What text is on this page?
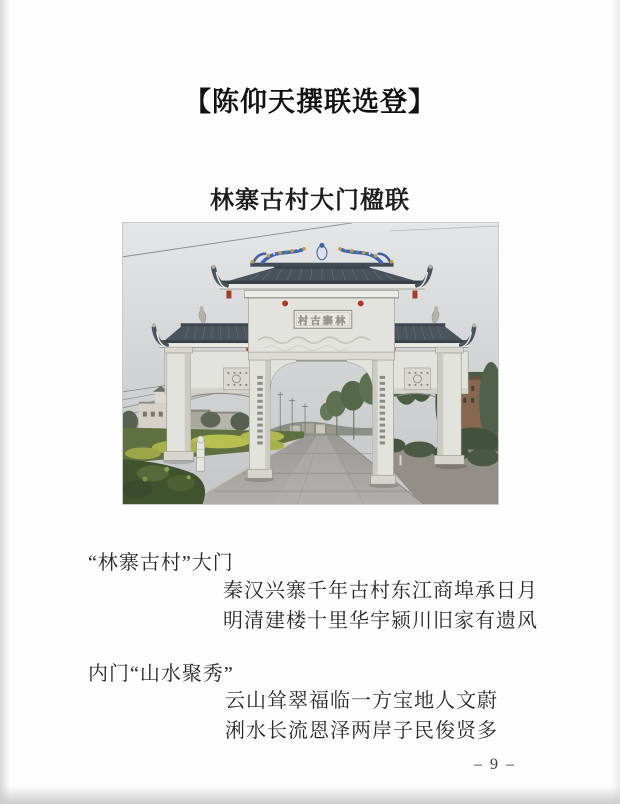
【陈仰天撰联选登】
林寨古村大门楹联
村古寨林
“林寨古村”大门
秦汉兴寨千年古村东江商埠承日月
明清建楼十里华宇颍川旧家有遗风
内门“山水聚秀”
云山耸翠福临一方宝地人文蔚
浰水长流恩泽两岸子民俊贤多
– 9 –
